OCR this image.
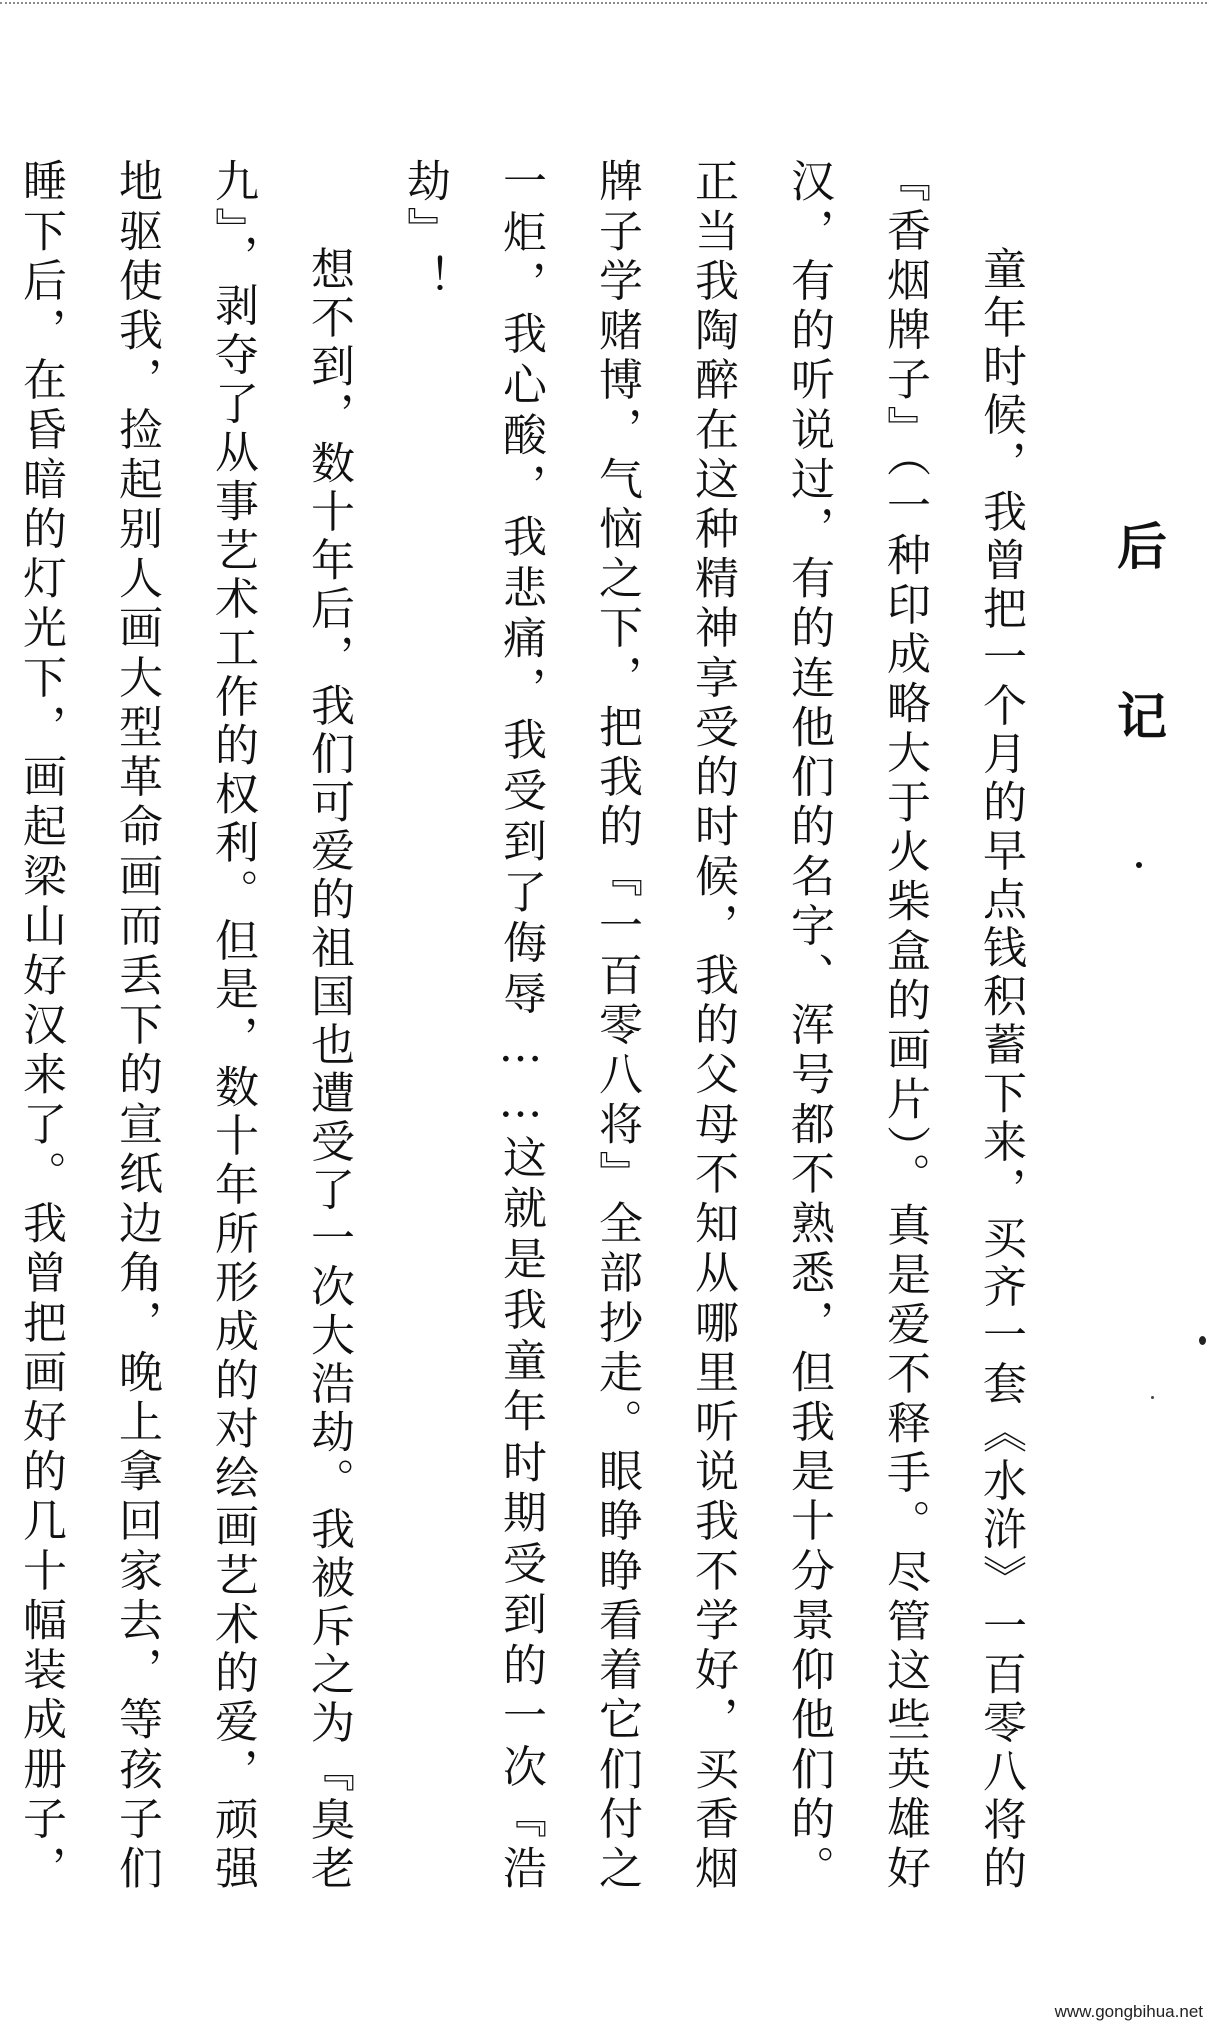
后记

童年时候，我曾把一个月的早点钱积蓄下来，买齐一套《水浒》一百零八将的『香烟牌子』（一种印成略大于火柴盒的画片）。真是爱不释手。尽管这些英雄好汉，有的听说过，有的连他们的名字、浑号都不熟悉，但我是十分景仰他们的。正当我陶醉在这种精神享受的时候，我的父母不知从哪里听说我不学好，买香烟牌子学赌博，气恼之下，把我的『一百零八将』全部抄走。眼睁睁看着它们付之一炬，我心酸，我悲痛，我受到了侮辱……这就是我童年时期受到的一次『浩劫』！

想不到，数十年后，我们可爱的祖国也遭受了一次大浩劫。我被斥之为『臭老九』，剥夺了从事艺术工作的权利。但是，数十年所形成的对绘画艺术的爱，顽强地驱使我，捡起别人画大型革命画而丢下的宣纸边角，晚上拿回家去，等孩子们睡下后，在昏暗的灯光下，画起梁山好汉来了。我曾把画好的几十幅装成册子，

www.gongbihua.net
